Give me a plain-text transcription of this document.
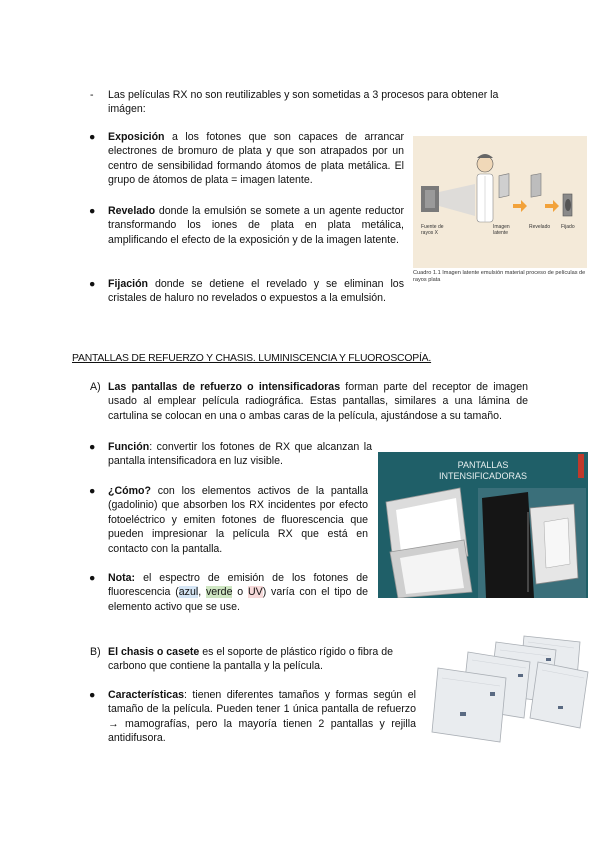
- Las películas RX no son reutilizables y son sometidas a 3 procesos para obtener la imágen:
● Exposición a los fotones que son capaces de arrancar electrones de bromuro de plata y que son atrapados por un centro de sensibilidad formando átomos de plata metálica. El grupo de átomos de plata = imagen latente.
● Revelado donde la emulsión se somete a un agente reductor transformando los iones de plata en plata metálica, amplificando el efecto de la exposición y de la imagen latente.
● Fijación donde se detiene el revelado y se eliminan los cristales de haluro no revelados o expuestos a la emulsión.
Fuente de rayos X
Imagen latente
Revelado Fijado
Cuadro 1.1 Imagen latente emulsión material proceso de películas de rayos plata
PANTALLAS DE REFUERZO Y CHASIS. LUMINISCENCIA Y FLUOROSCOPÍA.
A) Las pantallas de refuerzo o intensificadoras forman parte del receptor de imagen usado al emplear película radiográfica. Estas pantallas, similares a una lámina de cartulina se colocan en una o ambas caras de la película, ajustándose a su tamaño.
● Función: convertir los fotones de RX que alcanzan la pantalla intensificadora en luz visible.
● ¿Cómo? con los elementos activos de la pantalla (gadolinio) que absorben los RX incidentes por efecto fotoeléctrico y emiten fotones de fluorescencia que pueden impresionar la película RX que está en contacto con la pantalla.
● Nota: el espectro de emisión de los fotones de fluorescencia (azul, verde o UV) varía con el tipo de elemento activo que se use.
PANTALLAS
INTENSIFICADORAS
B) El chasis o casete es el soporte de plástico rígido o fibra de carbono que contiene la pantalla y la película.
● Características: tienen diferentes tamaños y formas según el tamaño de la película. Pueden tener 1 única pantalla de refuerzo → mamografías, pero la mayoría tienen 2 pantallas y rejilla antidifusora.
